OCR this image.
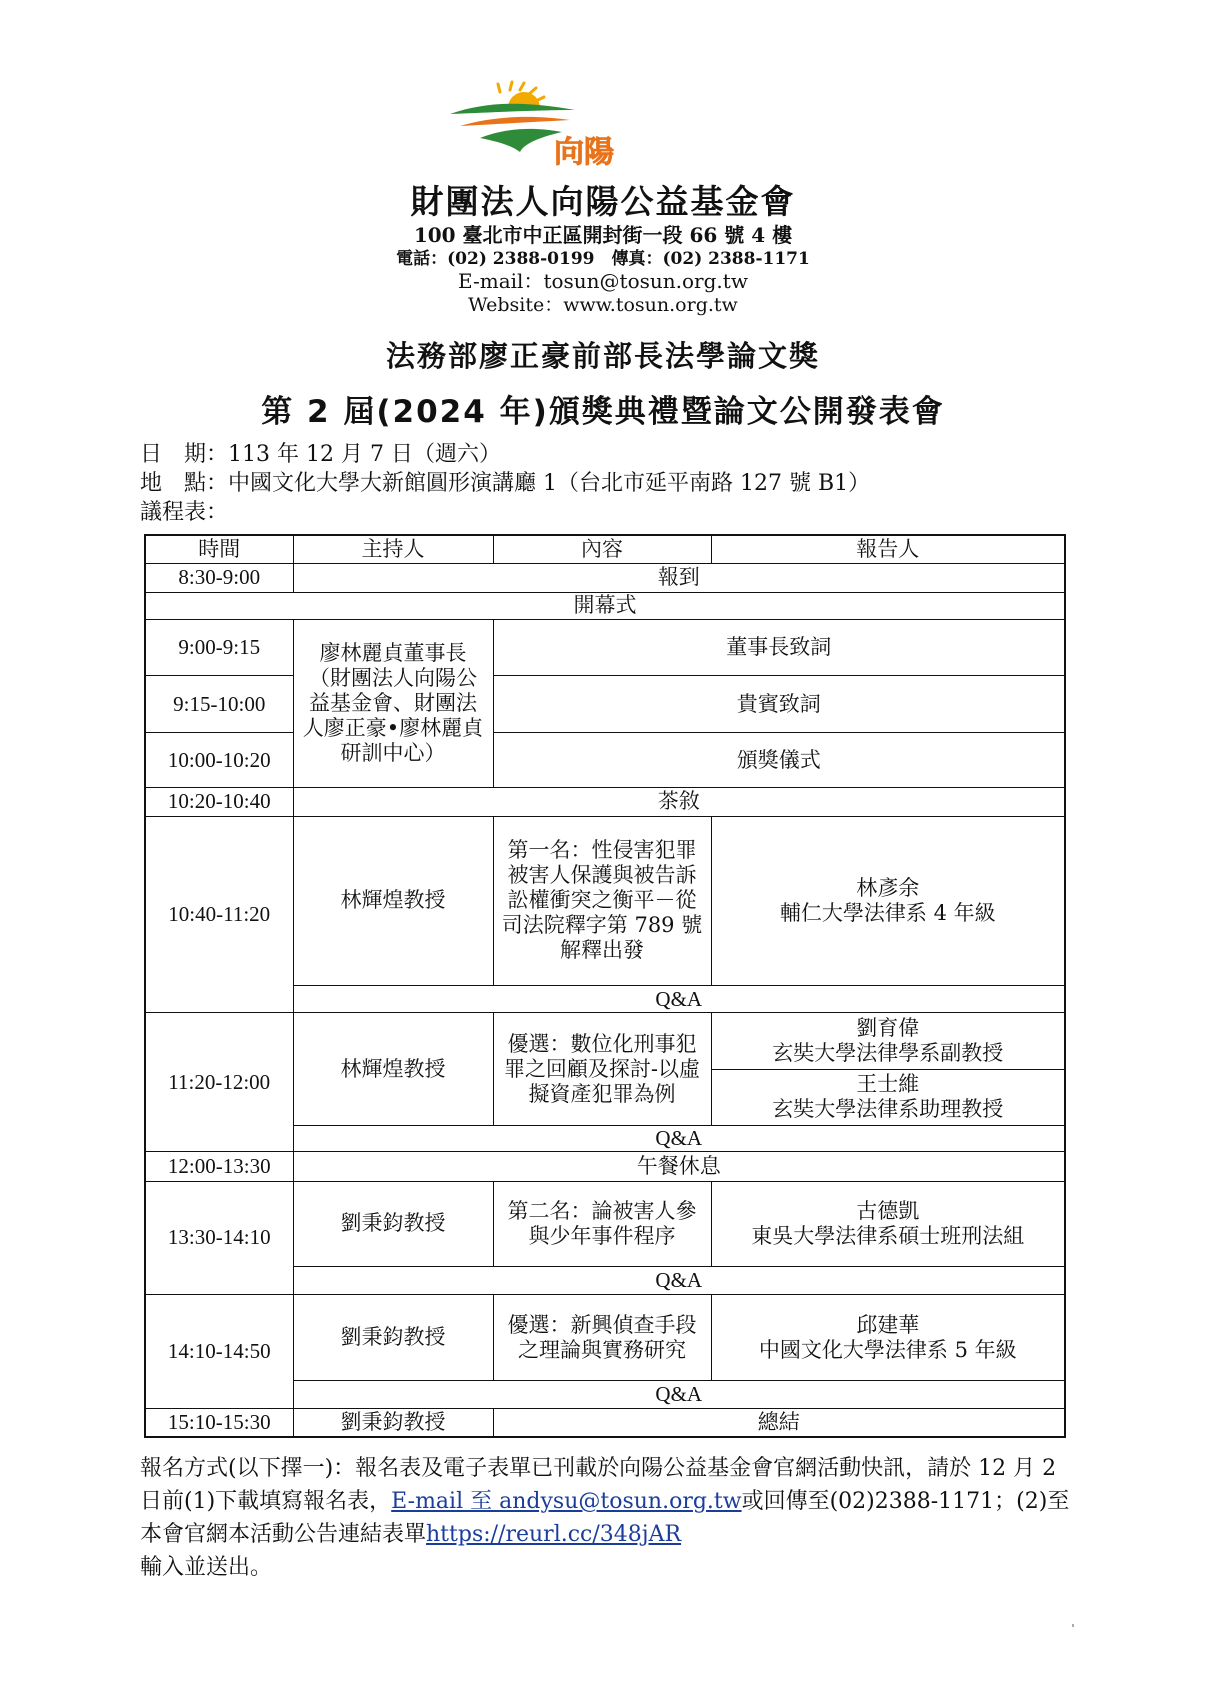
向陽
財團法人向陽公益基金會
100 臺北市中正區開封街一段 66 號 4 樓
電話：(02) 2388-0199　傳真：(02) 2388-1171
E-mail：tosun@tosun.org.tw
Website：www.tosun.org.tw
法務部廖正豪前部長法學論文獎
第 2 屆(2024 年)頒獎典禮暨論文公開發表會
日　期：113 年 12 月 7 日（週六）
地　點：中國文化大學大新館圓形演講廳 1（台北市延平南路 127 號 B1）
議程表：
時間	主持人	內容	報告人
8:30-9:00	報到		
開幕式			
9:00-9:15	廖林麗貞董事長（財團法人向陽公益基金會、財團法人廖正豪•廖林麗貞研訓中心）	董事長致詞	
9:15-10:00		貴賓致詞	
10:00-10:20		頒獎儀式	
10:20-10:40	茶敘		
10:40-11:20	林輝煌教授	第一名：性侵害犯罪被害人保護與被告訴訟權衝突之衡平－從司法院釋字第 789 號解釋出發	林彥余
輔仁大學法律系 4 年級

	Q&A		
11:20-12:00	林輝煌教授	優選：數位化刑事犯罪之回顧及探討-以虛擬資產犯罪為例	劉育偉
玄奘大學法律學系副教授

			王士維
玄奘大學法律系助理教授

	Q&A		
12:00-13:30	午餐休息		
13:30-14:10	劉秉鈞教授	第二名：論被害人參與少年事件程序	古德凱
東吳大學法律系碩士班刑法組

	Q&A		
14:10-14:50	劉秉鈞教授	優選：新興偵查手段之理論與實務研究	邱建華
中國文化大學法律系 5 年級

	Q&A		
15:10-15:30	劉秉鈞教授	總結	
報名方式(以下擇一)：報名表及電子表單已刊載於向陽公益基金會官網活動快訊，請於 12 月 2 日前(1)下載填寫報名表，E-mail 至 andysu@tosun.org.tw或回傳至(02)2388-1171；(2)至本會官網本活動公告連結表單https://reurl.cc/348jAR
輸入並送出。
